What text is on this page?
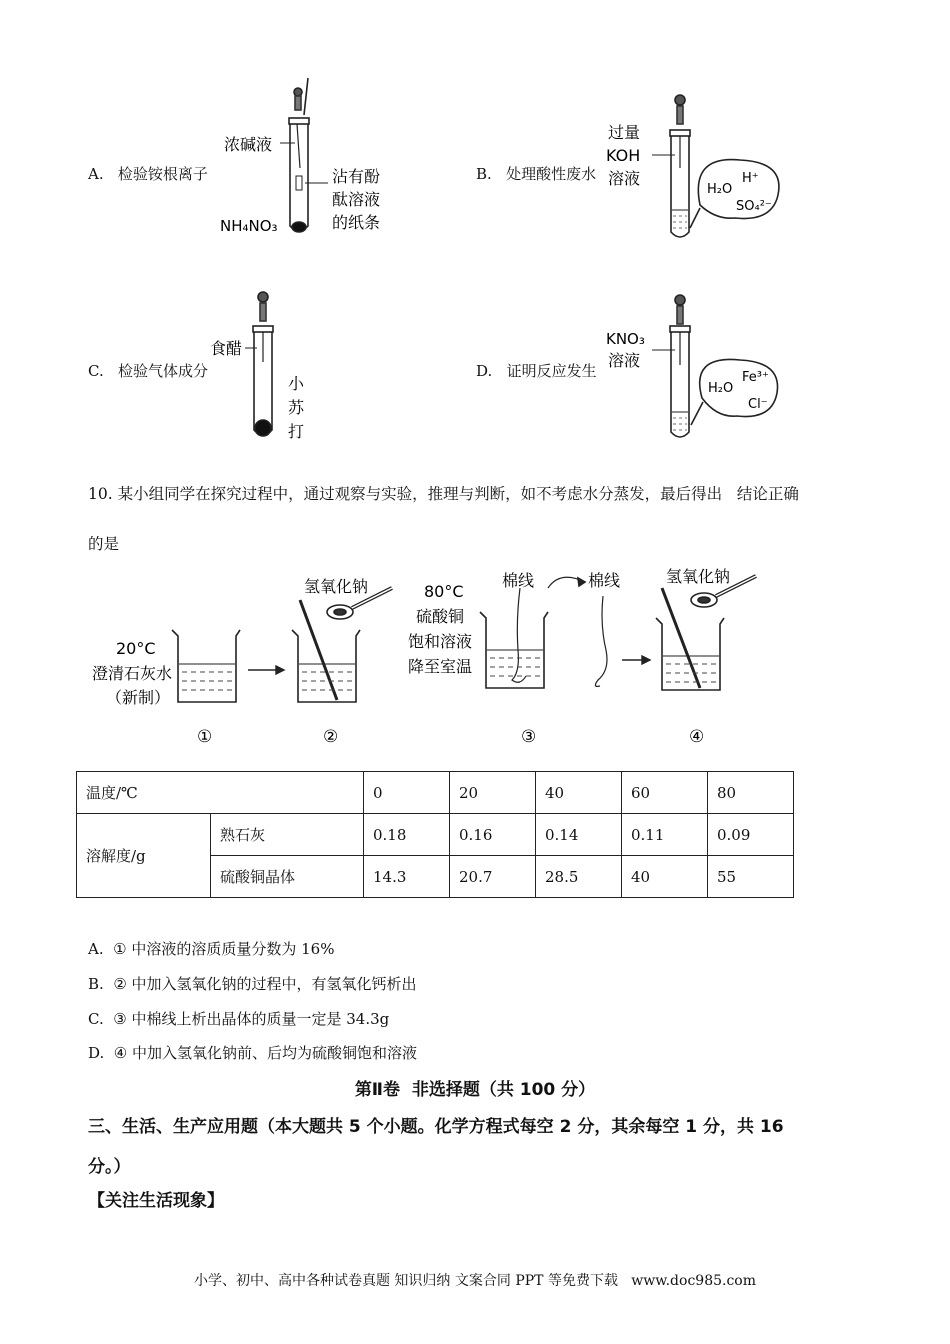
浓碱液
沾有酚
酞溶液
的纸条
NH₄NO₃
过量
KOH
溶液
H₂O
H⁺
SO₄²⁻
食醋
小
苏
打
KNO₃
溶液
H₂O
Fe³⁺
Cl⁻
20°C
澄清石灰水
（新制）
氢氧化钠	80°C
硫酸铜
饱和溶液
降至室温
棉线	棉线	氢氧化钠
①	②	③	④
A. 检验铵根离子	B. 处理酸性废水
C. 检验气体成分	D. 证明反应发生
10. 某小组同学在探究过程中，通过观察与实验，推理与判断，如不考虑水分蒸发，最后得出   结论正确
的是
温度/℃		0	20	40	60	80
溶解度/g	熟石灰	0.18	0.16	0.14	0.11	0.09
	硫酸铜晶体	14.3	20.7	28.5	40	55
A.  ① 中溶液的溶质质量分数为 16%
B.  ② 中加入氢氧化钠的过程中，有氢氧化钙析出
C.  ③ 中棉线上析出晶体的质量一定是 34.3g
D.  ④ 中加入氢氧化钠前、后均为硫酸铜饱和溶液
第Ⅱ卷  非选择题（共 100 分）
三、生活、生产应用题（本大题共 5 个小题。化学方程式每空 2 分，其余每空 1 分，共 16
分。）
【关注生活现象】
小学、初中、高中各种试卷真题 知识归纳 文案合同 PPT 等免费下载   www.doc985.com
